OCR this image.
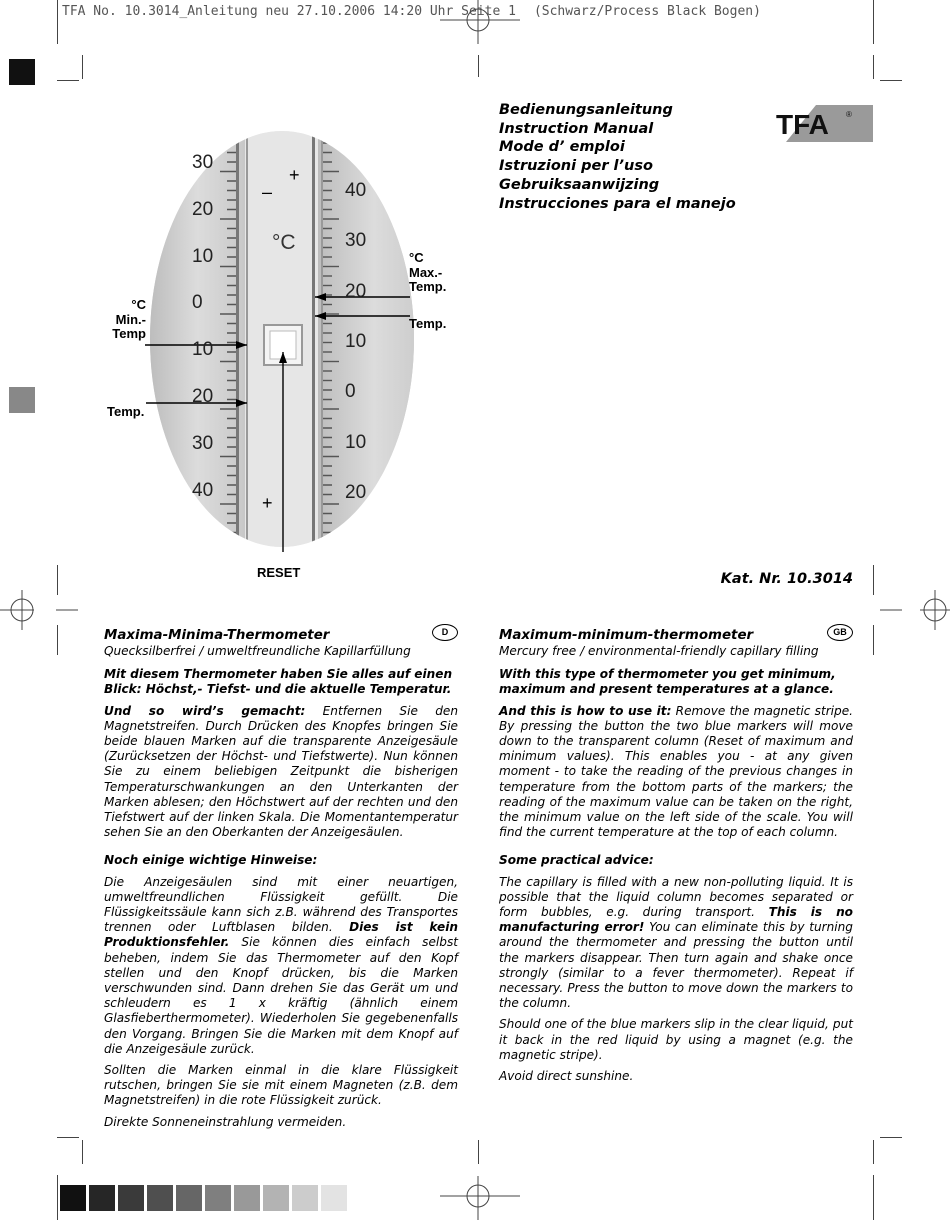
TFA No. 10.3014_Anleitung neu 27.10.2006 14:20 Uhr Seite 1 (Schwarz/Process Black Bogen)
Bedienungsanleitung
Instruction Manual
Mode d’ emploi
Istruzioni per l’uso
Gebruiksaanwijzing
Instrucciones para el manejo
TFA ®
30
20
10
0
10
20
30
40
40
30
20
10
0
10
20
–
+
+
°C
°C
Max.-
Temp.
Temp.
°C
Min.-
Temp
Temp.
RESET	Kat. Nr. 10.3014
D
Maxima-Minima-Thermometer
Quecksilberfrei / umweltfreundliche Kapillarfüllung

Mit diesem Thermometer haben Sie alles auf einen Blick: Höchst,- Tiefst- und die aktuelle Temperatur.

Und so wird’s gemacht: Entfernen Sie den Magnetstreifen. Durch Drücken des Knopfes bringen Sie beide blauen Marken auf die transparente Anzeigesäule (Zurücksetzen der Höchst- und Tiefstwerte). Nun können Sie zu einem beliebigen Zeitpunkt die bisherigen Temperaturschwankungen an den Unterkanten der Marken ablesen; den Höchstwert auf der rechten und den Tiefstwert auf der linken Skala. Die Momentantemperatur sehen Sie an den Oberkanten der Anzeigesäulen.

Noch einige wichtige Hinweise:

Die Anzeigesäulen sind mit einer neuartigen, umweltfreundlichen Flüssigkeit gefüllt. Die Flüssigkeitssäule kann sich z.B. während des Transportes trennen oder Luftblasen bilden. Dies ist kein Produktionsfehler. Sie können dies einfach selbst beheben, indem Sie das Thermometer auf den Kopf stellen und den Knopf drücken, bis die Marken verschwunden sind. Dann drehen Sie das Gerät um und schleudern es 1 x kräftig (ähnlich einem Glasfieberthermometer). Wiederholen Sie gegebenenfalls den Vorgang. Bringen Sie die Marken mit dem Knopf auf die Anzeigesäule zurück.

Sollten die Marken einmal in die klare Flüssigkeit rutschen, bringen Sie sie mit einem Magneten (z.B. dem Magnetstreifen) in die rote Flüssigkeit zurück.

Direkte Sonneneinstrahlung vermeiden.

GB
Maximum-minimum-thermometer
Mercury free / environmental-friendly capillary filling

With this type of thermometer you get minimum, maximum and present temperatures at a glance.

And this is how to use it: Remove the magnetic stripe. By pressing the button the two blue markers will move down to the transparent column (Reset of maximum and minimum values). This enables you - at any given moment - to take the reading of the previous changes in temperature from the bottom parts of the markers; the reading of the maximum value can be taken on the right, the minimum value on the left side of the scale. You will find the current temperature at the top of each column.

Some practical advice:

The capillary is filled with a new non-polluting liquid. It is possible that the liquid column becomes separated or form bubbles, e.g. during transport. This is no manufacturing error! You can eliminate this by turning around the thermometer and pressing the button until the markers disappear. Then turn again and shake once strongly (similar to a fever thermometer). Repeat if necessary. Press the button to move down the markers to the column.

Should one of the blue markers slip in the clear liquid, put it back in the red liquid by using a magnet (e.g. the magnetic stripe).

Avoid direct sunshine.
